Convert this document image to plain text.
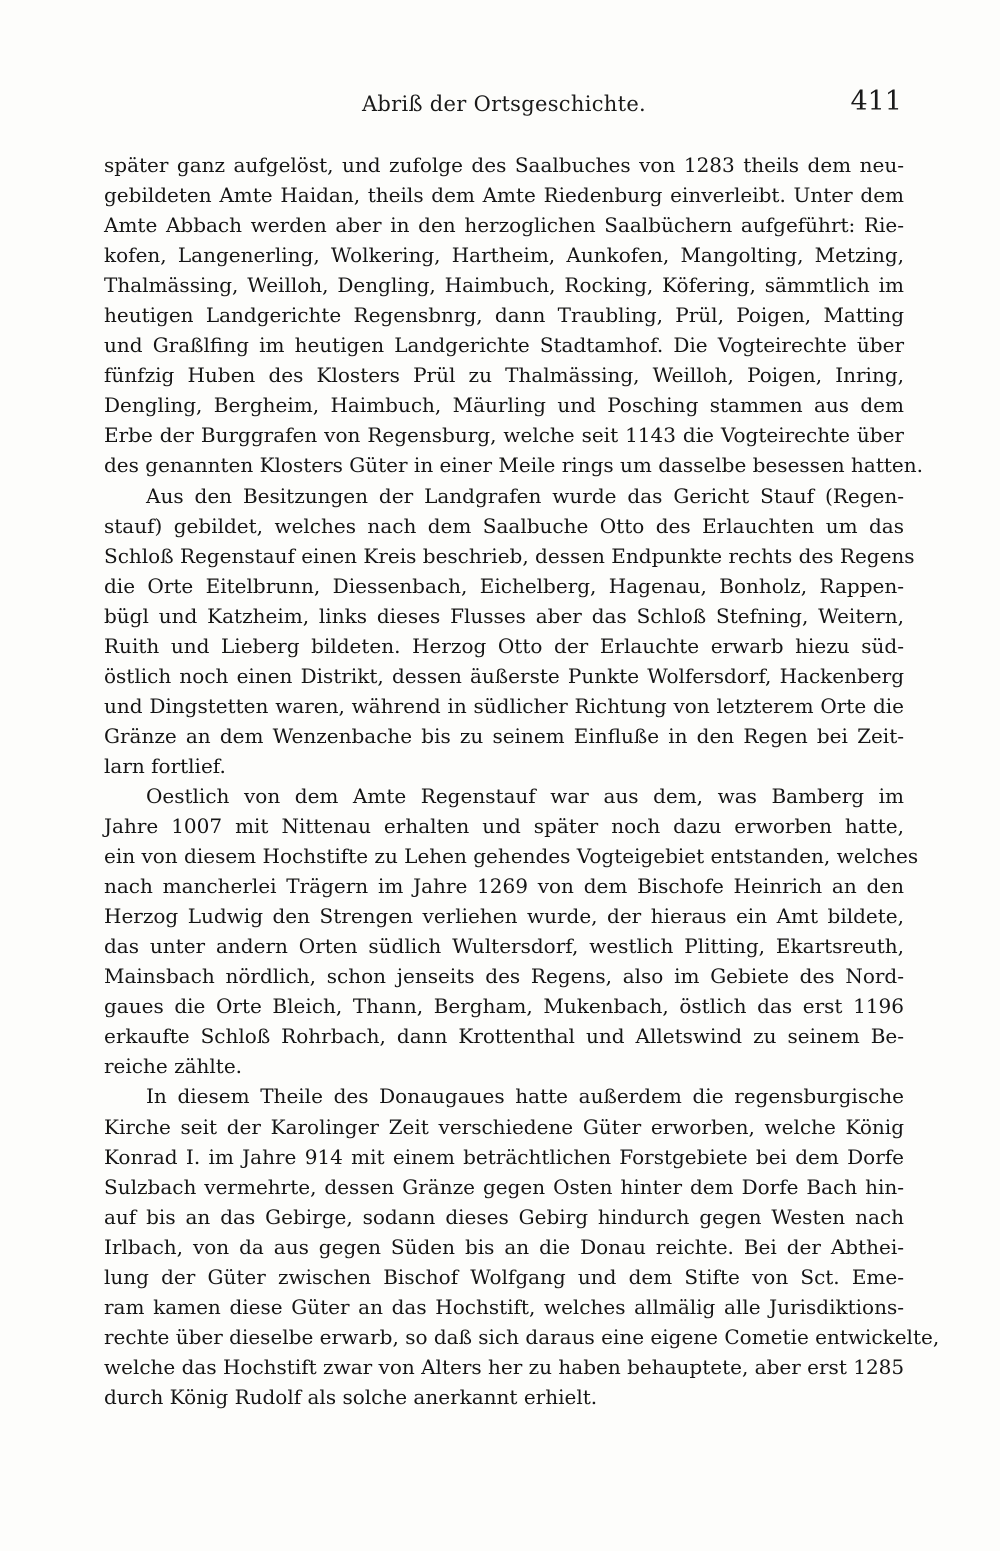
Abriß der Ortsgeschichte.	411
später ganz aufgelöst, und zufolge des Saalbuches von 1283 theils dem neu-
gebildeten Amte Haidan, theils dem Amte Riedenburg einverleibt. Unter dem
Amte Abbach werden aber in den herzoglichen Saalbüchern aufgeführt: Rie-
kofen, Langenerling, Wolkering, Hartheim, Aunkofen, Mangolting, Metzing,
Thalmässing, Weilloh, Dengling, Haimbuch, Rocking, Köfering, sämmtlich im
heutigen Landgerichte Regensbnrg, dann Traubling, Prül, Poigen, Matting
und Graßlfing im heutigen Landgerichte Stadtamhof. Die Vogteirechte über
fünfzig Huben des Klosters Prül zu Thalmässing, Weilloh, Poigen, Inring,
Dengling, Bergheim, Haimbuch, Mäurling und Posching stammen aus dem
Erbe der Burggrafen von Regensburg, welche seit 1143 die Vogteirechte über
des genannten Klosters Güter in einer Meile rings um dasselbe besessen hatten.
Aus den Besitzungen der Landgrafen wurde das Gericht Stauf (Regen-
stauf) gebildet, welches nach dem Saalbuche Otto des Erlauchten um das
Schloß Regenstauf einen Kreis beschrieb, dessen Endpunkte rechts des Regens
die Orte Eitelbrunn, Diessenbach, Eichelberg, Hagenau, Bonholz, Rappen-
bügl und Katzheim, links dieses Flusses aber das Schloß Stefning, Weitern,
Ruith und Lieberg bildeten. Herzog Otto der Erlauchte erwarb hiezu süd-
östlich noch einen Distrikt, dessen äußerste Punkte Wolfersdorf, Hackenberg
und Dingstetten waren, während in südlicher Richtung von letzterem Orte die
Gränze an dem Wenzenbache bis zu seinem Einfluße in den Regen bei Zeit-
larn fortlief.
Oestlich von dem Amte Regenstauf war aus dem, was Bamberg im
Jahre 1007 mit Nittenau erhalten und später noch dazu erworben hatte,
ein von diesem Hochstifte zu Lehen gehendes Vogteigebiet entstanden, welches
nach mancherlei Trägern im Jahre 1269 von dem Bischofe Heinrich an den
Herzog Ludwig den Strengen verliehen wurde, der hieraus ein Amt bildete,
das unter andern Orten südlich Wultersdorf, westlich Plitting, Ekartsreuth,
Mainsbach nördlich, schon jenseits des Regens, also im Gebiete des Nord-
gaues die Orte Bleich, Thann, Bergham, Mukenbach, östlich das erst 1196
erkaufte Schloß Rohrbach, dann Krottenthal und Alletswind zu seinem Be-
reiche zählte.
In diesem Theile des Donaugaues hatte außerdem die regensburgische
Kirche seit der Karolinger Zeit verschiedene Güter erworben, welche König
Konrad I. im Jahre 914 mit einem beträchtlichen Forstgebiete bei dem Dorfe
Sulzbach vermehrte, dessen Gränze gegen Osten hinter dem Dorfe Bach hin-
auf bis an das Gebirge, sodann dieses Gebirg hindurch gegen Westen nach
Irlbach, von da aus gegen Süden bis an die Donau reichte. Bei der Abthei-
lung der Güter zwischen Bischof Wolfgang und dem Stifte von Sct. Eme-
ram kamen diese Güter an das Hochstift, welches allmälig alle Jurisdiktions-
rechte über dieselbe erwarb, so daß sich daraus eine eigene Cometie entwickelte,
welche das Hochstift zwar von Alters her zu haben behauptete, aber erst 1285
durch König Rudolf als solche anerkannt erhielt.
